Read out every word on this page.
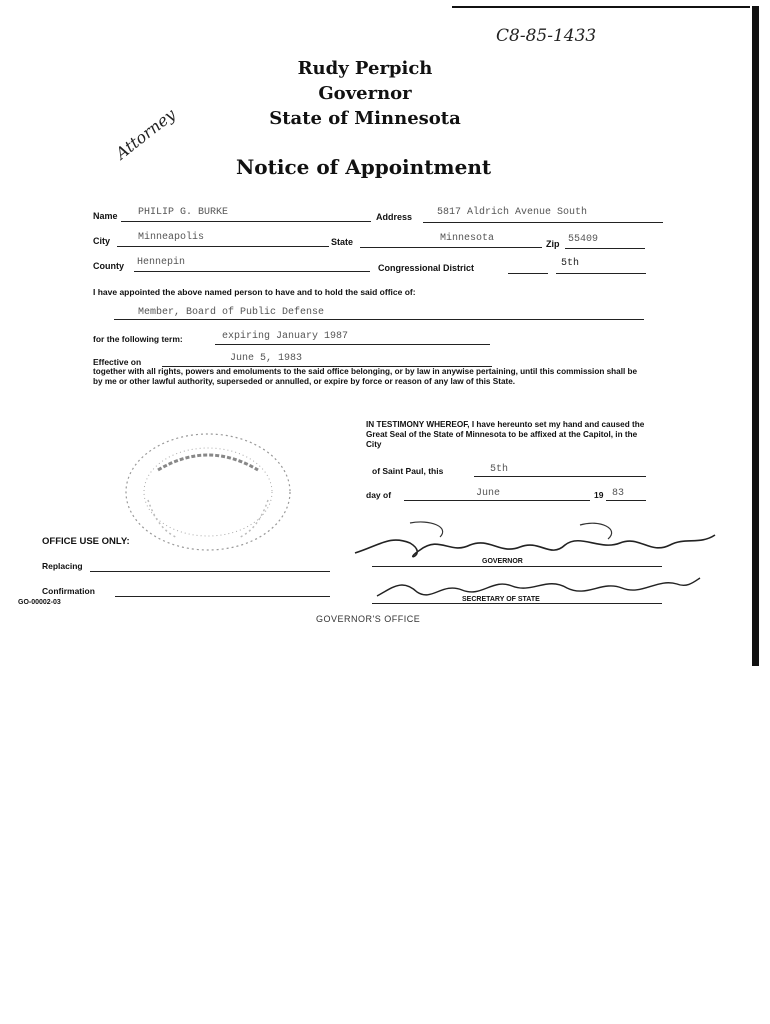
C8-85-1433
Rudy Perpich
Governor
State of Minnesota
Attorney
Notice of Appointment
Name PHILIP G. BURKE	Address 5817 Aldrich Avenue South
City	Minneapolis	State	Minnesota	Zip 55409
County Hennepin	Congressional District	5th
I have appointed the above named person to have and to hold the said office of:
Member, Board of Public Defense
for the following term:	expiring January 1987
Effective on	June 5, 1983
together with all rights, powers and emoluments to the said office belonging, or by law in anywise pertaining, until this commission shall be by me or other lawful authority, superseded or annulled, or expire by force or reason of any law of this State.
IN TESTIMONY WHEREOF, I have hereunto set my hand and caused the Great Seal of the State of Minnesota to be affixed at the Capitol, in the City
of Saint Paul, this	5th
day of	June	19 83
OFFICE USE ONLY:
Replacing
Confirmation
GO-00002-03
GOVERNOR
SECRETARY OF STATE
GOVERNOR'S OFFICE
